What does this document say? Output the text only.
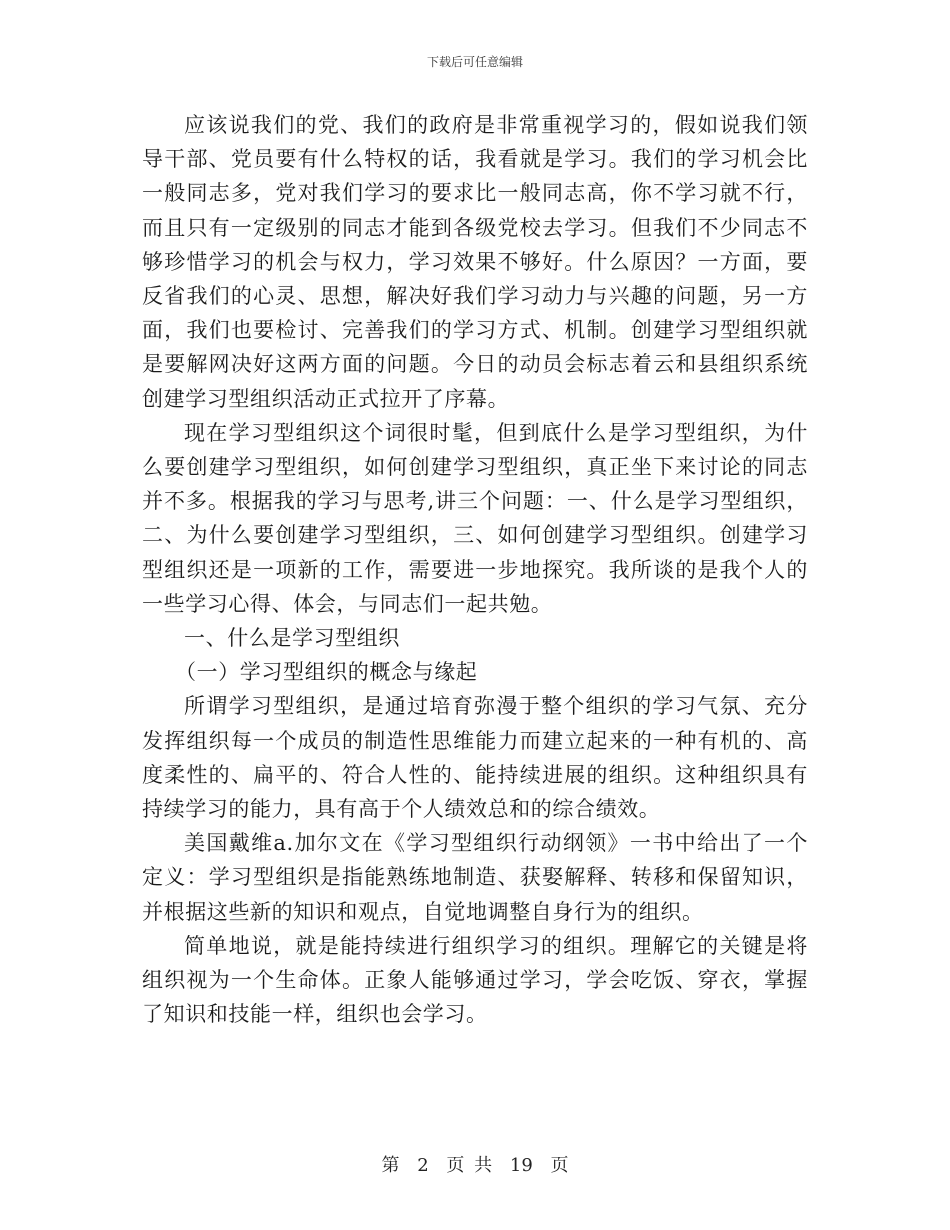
下载后可任意编辑

应该说我们的党、我们的政府是非常重视学习的，假如说我们领导干部、党员要有什么特权的话，我看就是学习。我们的学习机会比一般同志多，党对我们学习的要求比一般同志高，你不学习就不行，而且只有一定级别的同志才能到各级党校去学习。但我们不少同志不够珍惜学习的机会与权力，学习效果不够好。什么原因？一方面，要反省我们的心灵、思想，解决好我们学习动力与兴趣的问题，另一方面，我们也要检讨、完善我们的学习方式、机制。创建学习型组织就是要解网决好这两方面的问题。今日的动员会标志着云和县组织系统创建学习型组织活动正式拉开了序幕。

现在学习型组织这个词很时髦，但到底什么是学习型组织，为什么要创建学习型组织，如何创建学习型组织，真正坐下来讨论的同志并不多。根据我的学习与思考,讲三个问题：一、什么是学习型组织，二、为什么要创建学习型组织，三、如何创建学习型组织。创建学习型组织还是一项新的工作，需要进一步地探究。我所谈的是我个人的一些学习心得、体会，与同志们一起共勉。

一、什么是学习型组织

（一）学习型组织的概念与缘起

所谓学习型组织，是通过培育弥漫于整个组织的学习气氛、充分发挥组织每一个成员的制造性思维能力而建立起来的一种有机的、高度柔性的、扁平的、符合人性的、能持续进展的组织。这种组织具有持续学习的能力，具有高于个人绩效总和的综合绩效。

美国戴维a.加尔文在《学习型组织行动纲领》一书中给出了一个定义：学习型组织是指能熟练地制造、获娶解释、转移和保留知识，并根据这些新的知识和观点，自觉地调整自身行为的组织。

简单地说，就是能持续进行组织学习的组织。理解它的关键是将组织视为一个生命体。正象人能够通过学习，学会吃饭、穿衣，掌握了知识和技能一样，组织也会学习。

第 2 页 共 19 页
